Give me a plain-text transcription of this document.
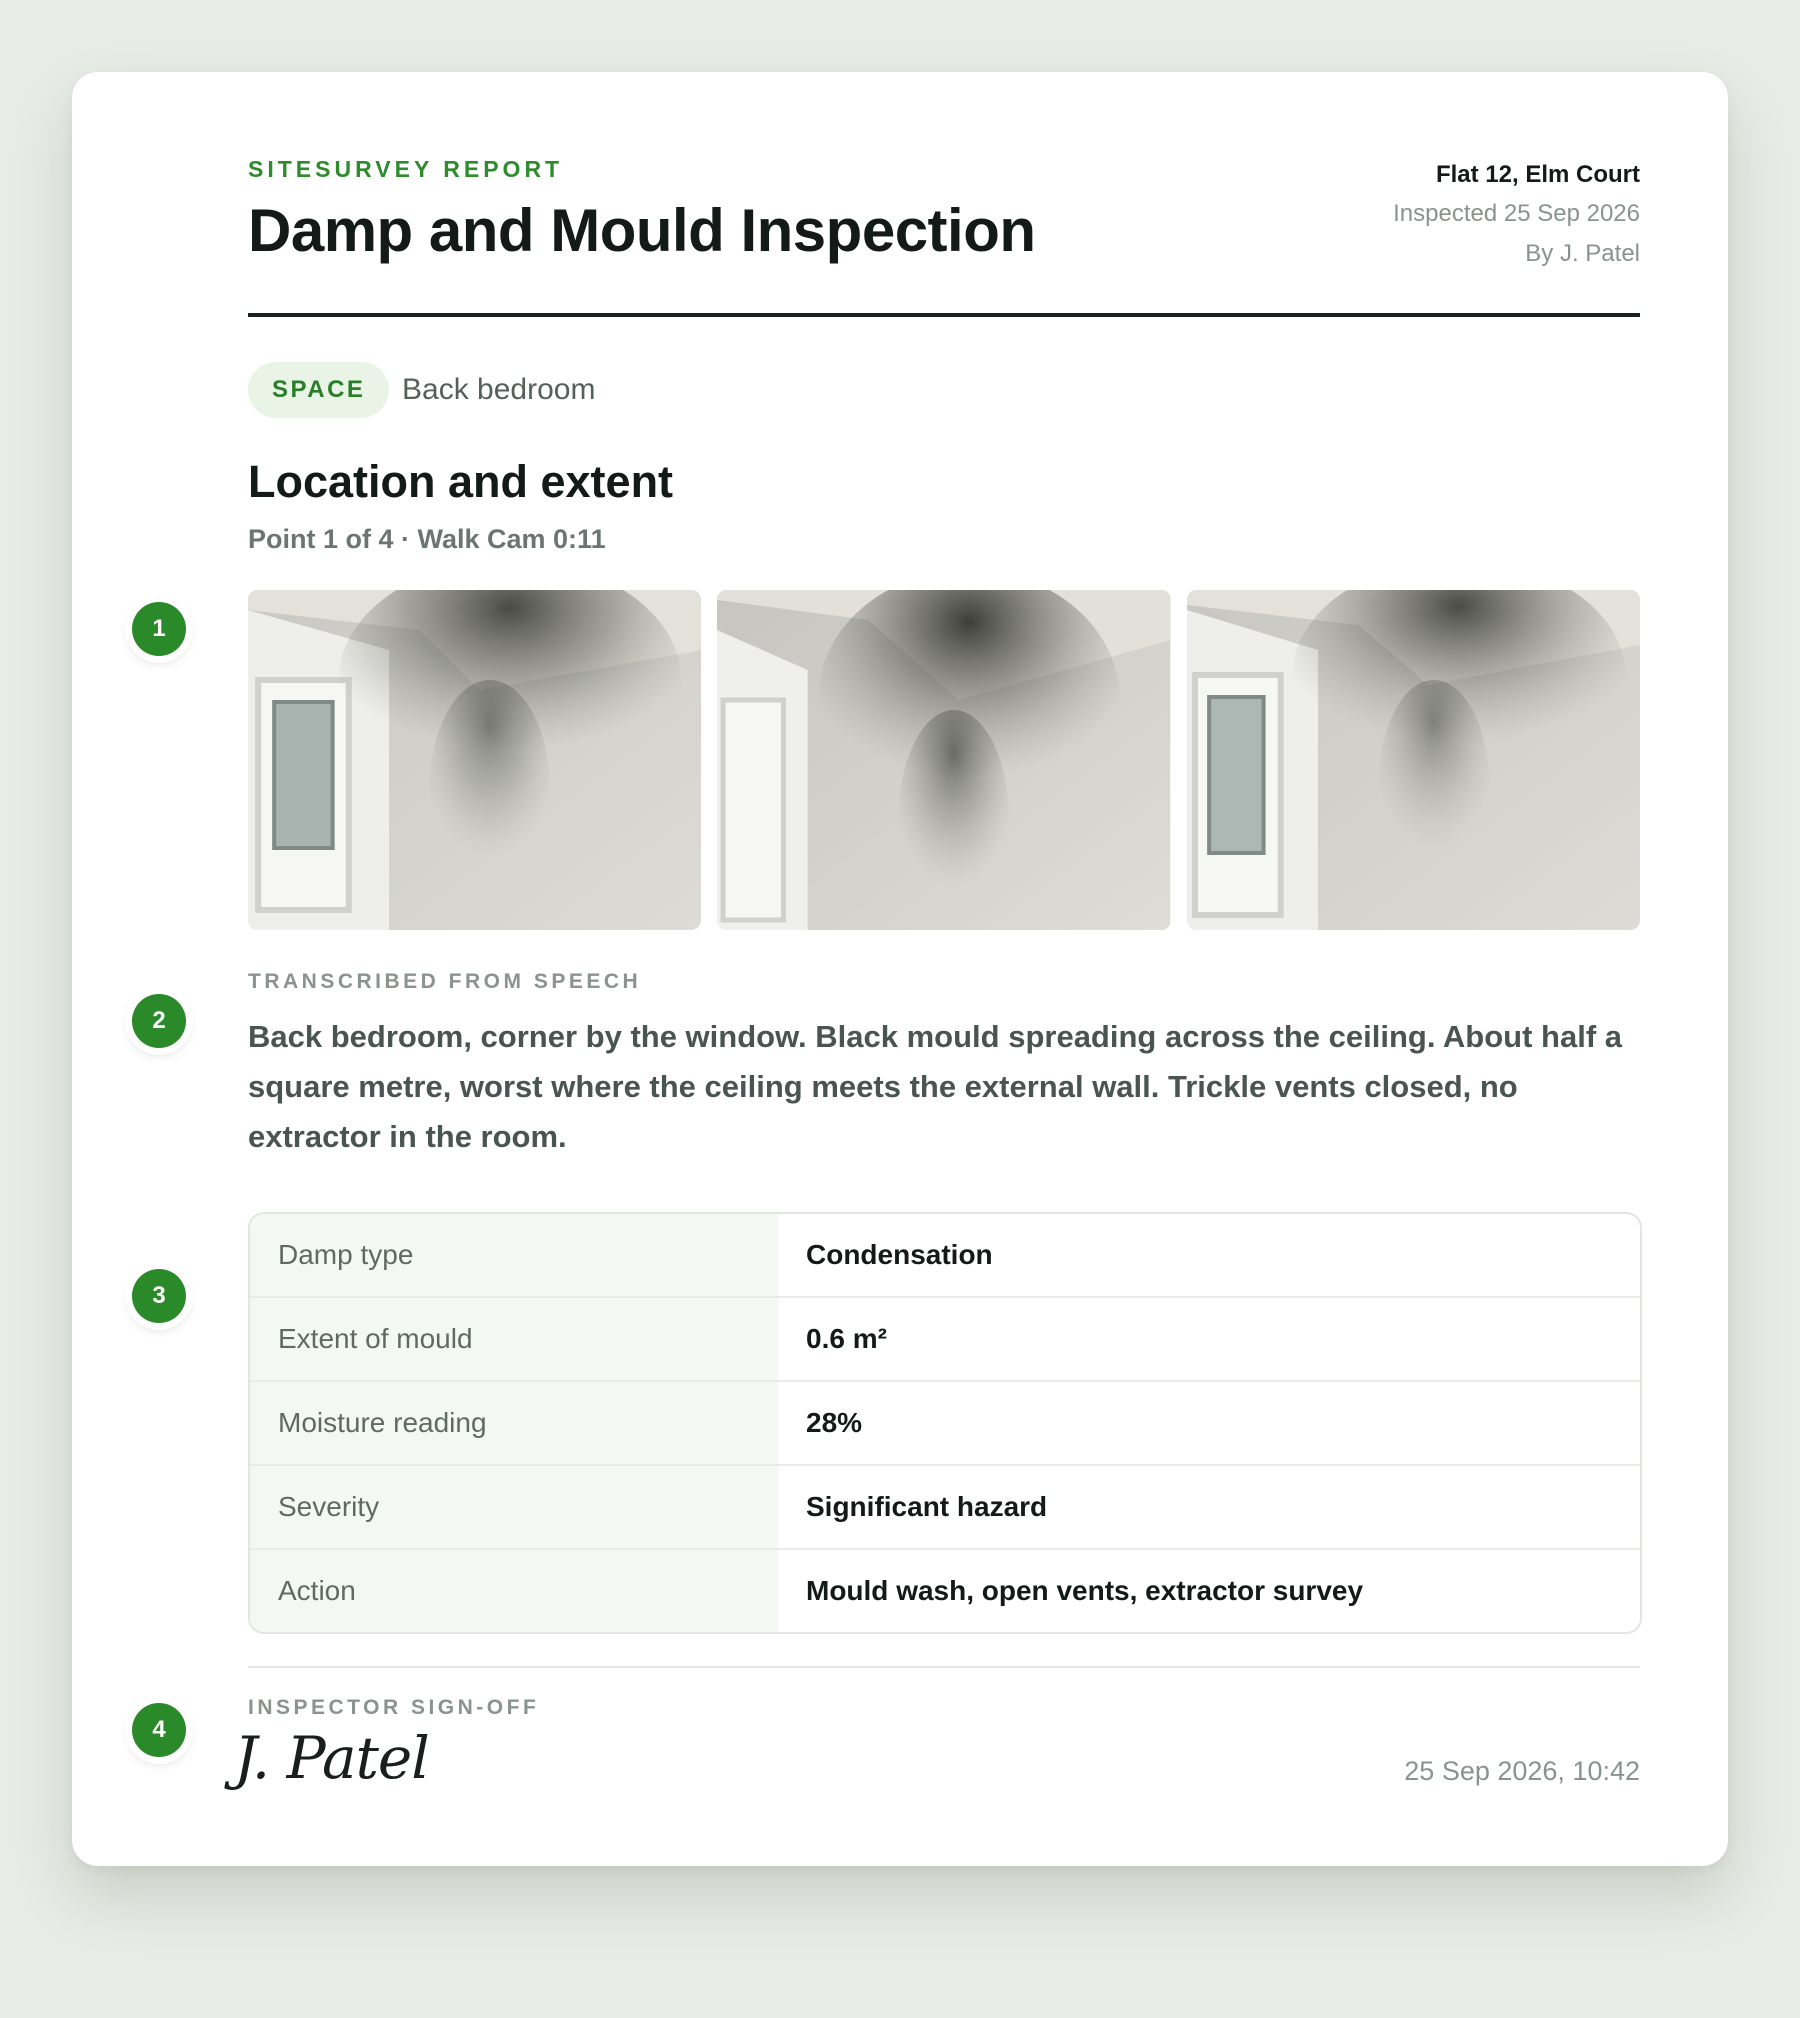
SITESURVEY REPORT
Damp and Mould Inspection
Flat 12, Elm Court
Inspected 25 Sep 2026
By J. Patel
SPACE	Back bedroom
Location and extent
Point 1 of 4 · Walk Cam 0:11
1
2
3
4
TRANSCRIBED FROM SPEECH
Back bedroom, corner by the window. Black mould spreading across the ceiling. About half a square metre, worst where the ceiling meets the external wall. Trickle vents closed, no extractor in the room.
Damp type	Condensation
Extent of mould	0.6 m²
Moisture reading	28%
Severity	Significant hazard
Action	Mould wash, open vents, extractor survey
INSPECTOR SIGN-OFF
J. Patel	25 Sep 2026, 10:42
